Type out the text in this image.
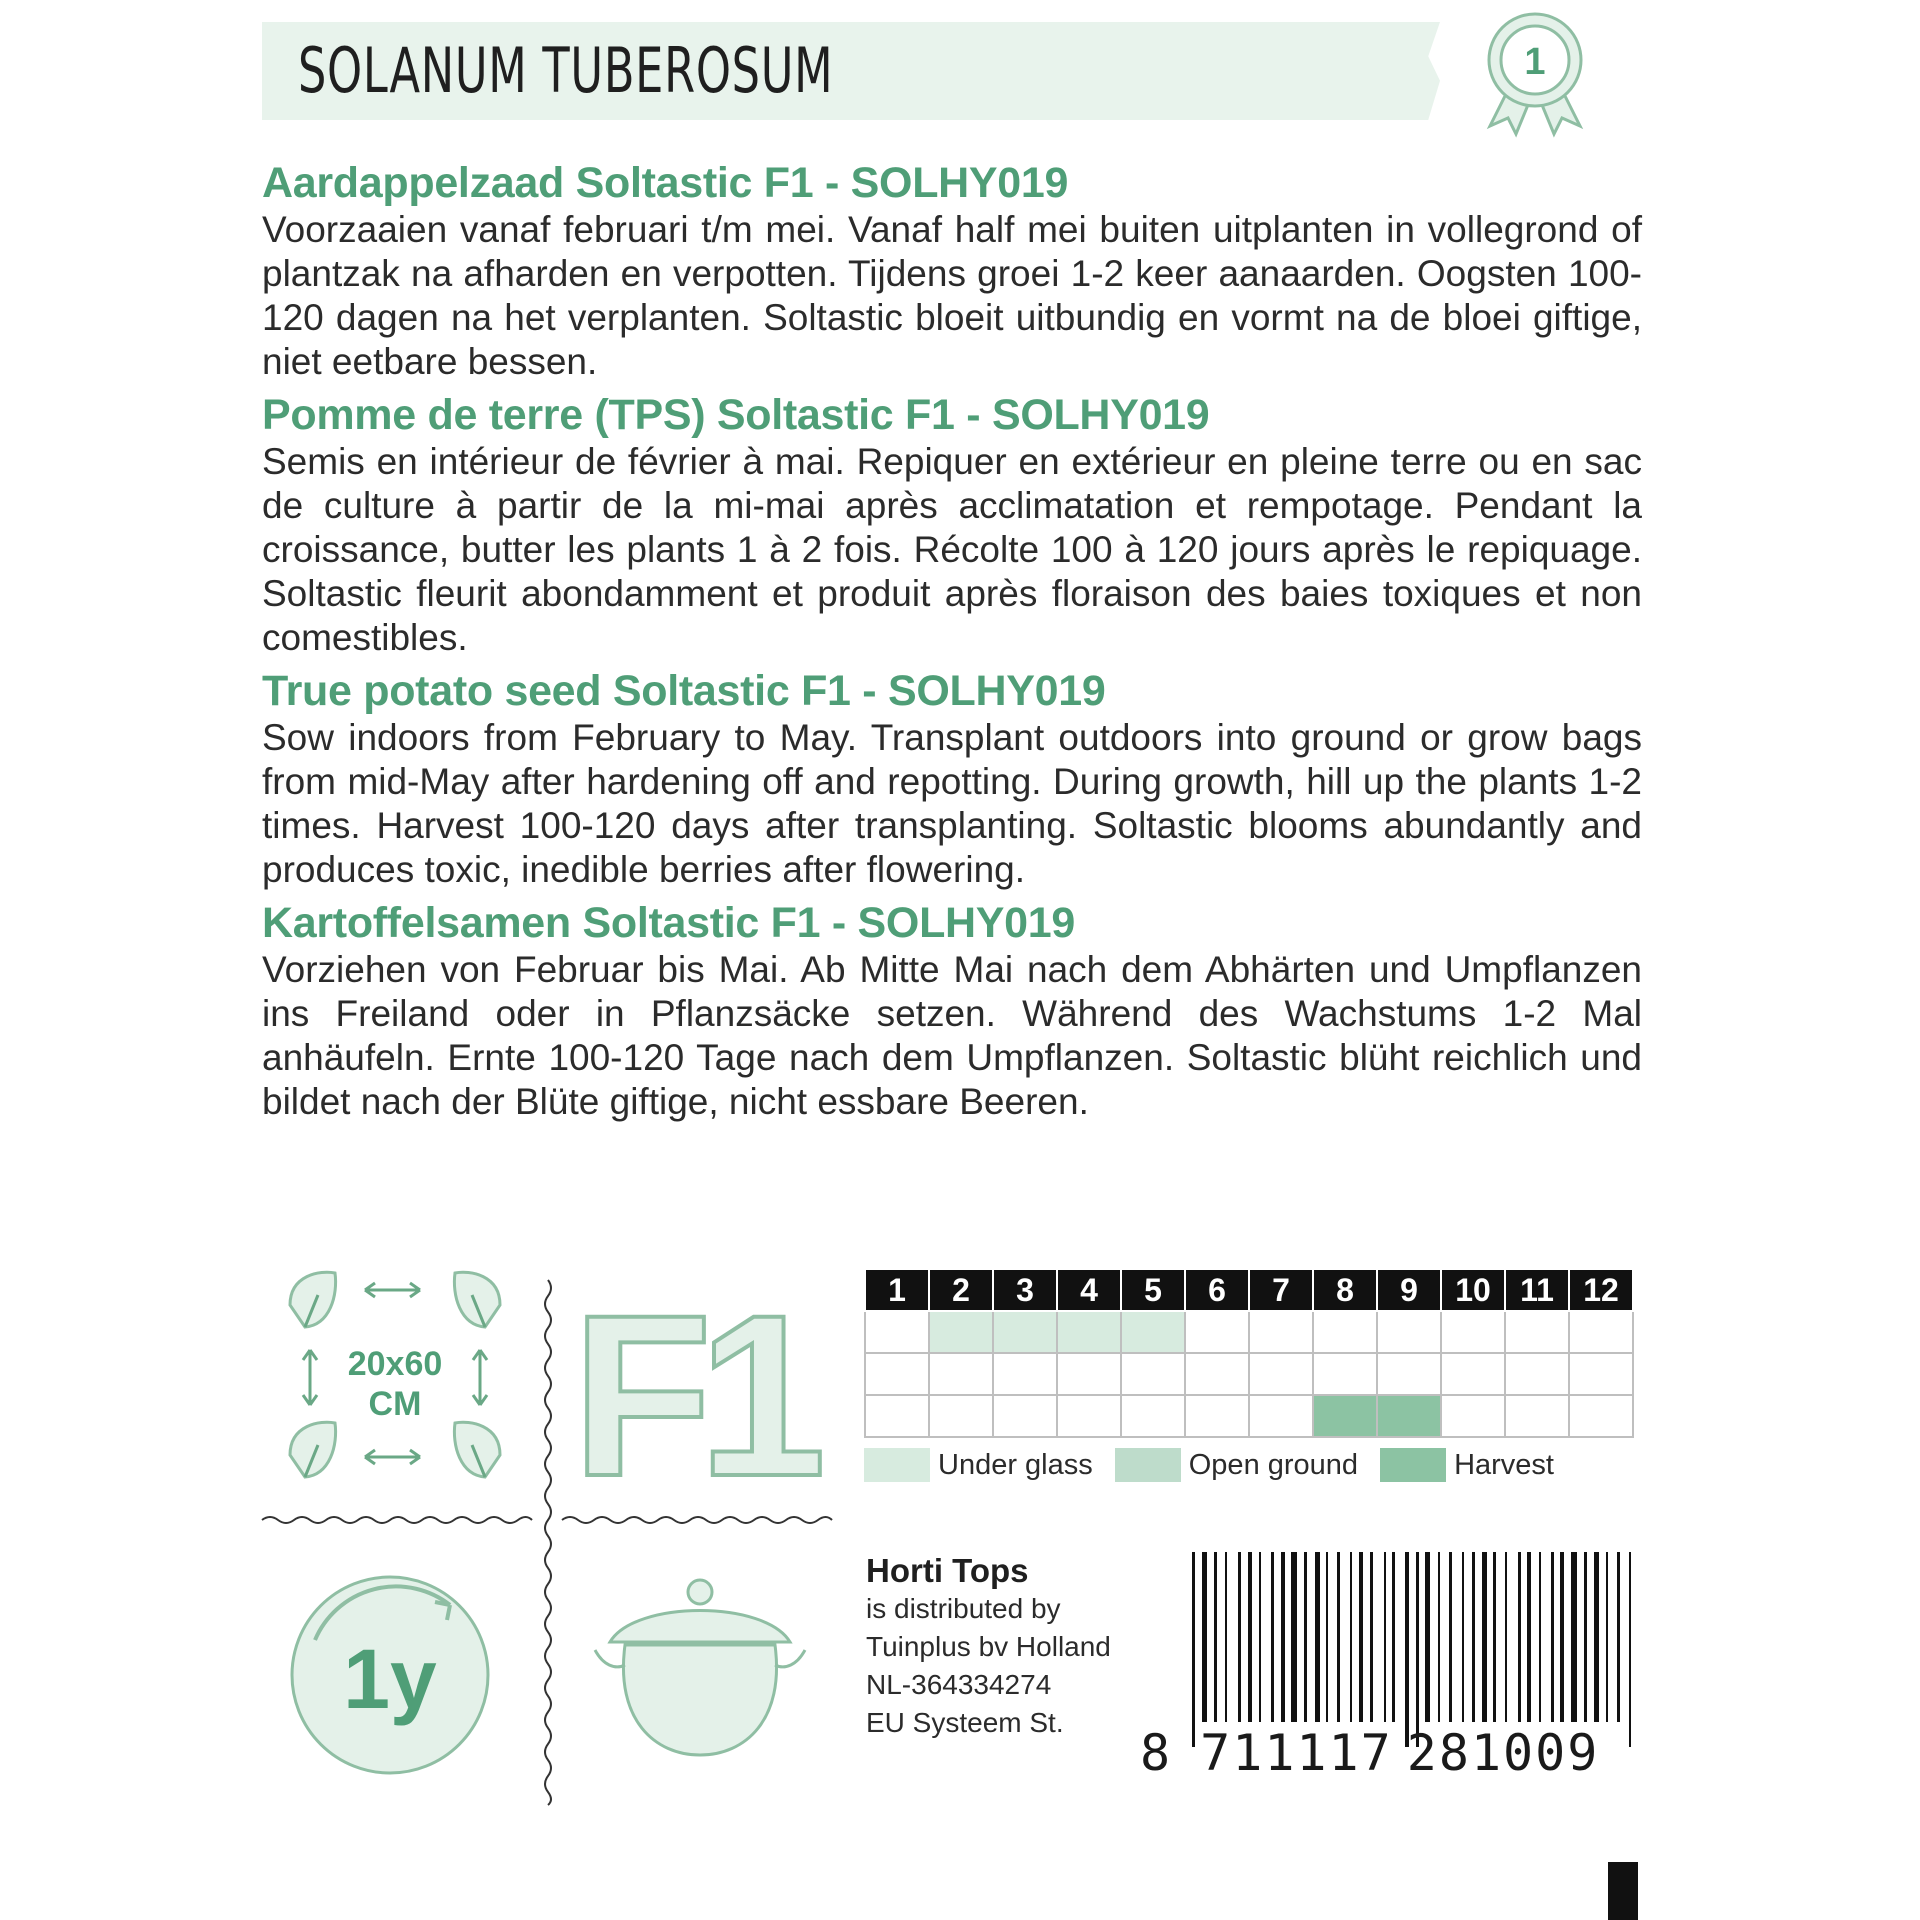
SOLANUM TUBEROSUM	1
Aardappelzaad Soltastic F1 - SOLHY019

Voorzaaien vanaf februari t/m mei. Vanaf half mei buiten uitplanten in vollegrond of plantzak na afharden en verpotten. Tijdens groei 1-2 keer aanaarden. Oogsten 100-120 dagen na het verplanten. Soltastic bloeit uitbundig en vormt na de bloei giftige, niet eetbare bessen.

Pomme de terre (TPS) Soltastic F1 - SOLHY019

Semis en intérieur de février à mai. Repiquer en extérieur en pleine terre ou en sac de culture à partir de la mi-mai après acclimatation et rempotage. Pendant la croissance, butter les plants 1 à 2 fois. Récolte 100 à 120 jours après le repiquage. Soltastic fleurit abondamment et produit après floraison des baies toxiques et non comestibles.

True potato seed Soltastic F1 - SOLHY019

Sow indoors from February to May. Transplant outdoors into ground or grow bags from mid-May after hardening off and repotting. During growth, hill up the plants 1-2 times. Harvest 100-120 days after transplanting. Soltastic blooms abundantly and produces toxic, inedible berries after flowering.

Kartoffelsamen Soltastic F1 - SOLHY019

Vorziehen von Februar bis Mai. Ab Mitte Mai nach dem Abhärten und Umpflanzen ins Freiland oder in Pflanzsäcke setzen. Während des Wachstums 1-2 Mal anhäufeln. Ernte 100-120 Tage nach dem Umpflanzen. Soltastic blüht reichlich und bildet nach der Blüte giftige, nicht essbare Beeren.

20x60
CM F1
1y
1	2	3	4	5	6	7	8	9	10	11	12

Under glass	Open ground	Harvest
Horti Tops
is distributed by
Tuinplus bv Holland
NL-364334274
EU Systeem St.
8 711117 281009
